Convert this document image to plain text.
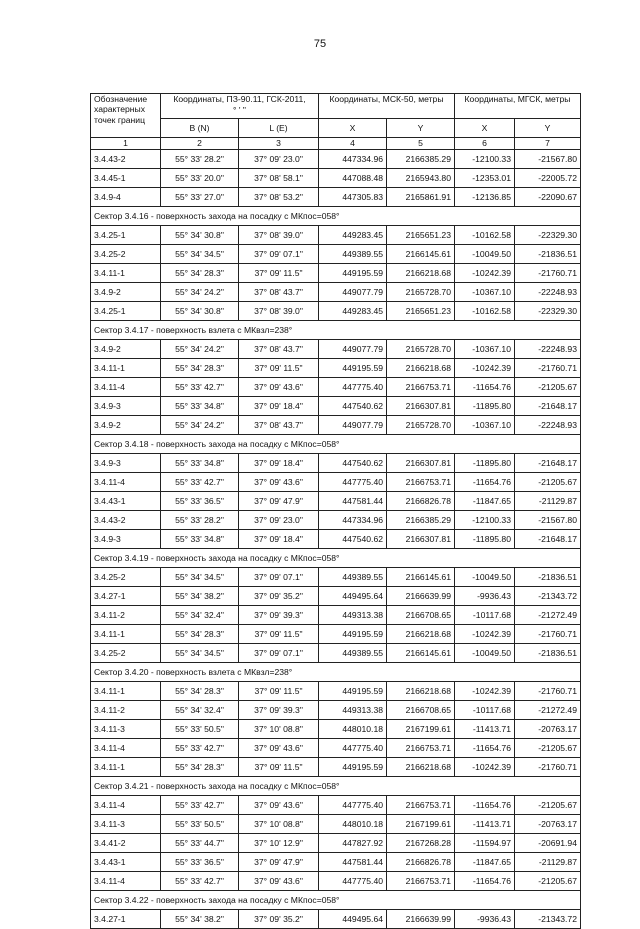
75
Обозначение характерных точек границ	Координаты, ПЗ-90.11, ГСК-2011,
° ' "		Координаты, МСК-50, метры		Координаты, МГСК, метры	
	B (N)	L (E)	X	Y	X	Y
1	2	3	4	5	6	7
3.4.43-2	55° 33' 28.2"	37° 09' 23.0"	447334.96	2166385.29	-12100.33	-21567.80
3.4.45-1	55° 33' 20.0"	37° 08' 58.1"	447088.48	2165943.80	-12353.01	-22005.72
3.4.9-4	55° 33' 27.0"	37° 08' 53.2"	447305.83	2165861.91	-12136.85	-22090.67
Сектор 3.4.16 - поверхность захода на посадку с МКпос=058°						
3.4.25-1	55° 34' 30.8"	37° 08' 39.0"	449283.45	2165651.23	-10162.58	-22329.30
3.4.25-2	55° 34' 34.5"	37° 09' 07.1"	449389.55	2166145.61	-10049.50	-21836.51
3.4.11-1	55° 34' 28.3"	37° 09' 11.5"	449195.59	2166218.68	-10242.39	-21760.71
3.4.9-2	55° 34' 24.2"	37° 08' 43.7"	449077.79	2165728.70	-10367.10	-22248.93
3.4.25-1	55° 34' 30.8"	37° 08' 39.0"	449283.45	2165651.23	-10162.58	-22329.30
Сектор 3.4.17 - поверхность взлета с МКвзл=238°						
3.4.9-2	55° 34' 24.2"	37° 08' 43.7"	449077.79	2165728.70	-10367.10	-22248.93
3.4.11-1	55° 34' 28.3"	37° 09' 11.5"	449195.59	2166218.68	-10242.39	-21760.71
3.4.11-4	55° 33' 42.7"	37° 09' 43.6"	447775.40	2166753.71	-11654.76	-21205.67
3.4.9-3	55° 33' 34.8"	37° 09' 18.4"	447540.62	2166307.81	-11895.80	-21648.17
3.4.9-2	55° 34' 24.2"	37° 08' 43.7"	449077.79	2165728.70	-10367.10	-22248.93
Сектор 3.4.18 - поверхность захода на посадку с МКпос=058°						
3.4.9-3	55° 33' 34.8"	37° 09' 18.4"	447540.62	2166307.81	-11895.80	-21648.17
3.4.11-4	55° 33' 42.7"	37° 09' 43.6"	447775.40	2166753.71	-11654.76	-21205.67
3.4.43-1	55° 33' 36.5"	37° 09' 47.9"	447581.44	2166826.78	-11847.65	-21129.87
3.4.43-2	55° 33' 28.2"	37° 09' 23.0"	447334.96	2166385.29	-12100.33	-21567.80
3.4.9-3	55° 33' 34.8"	37° 09' 18.4"	447540.62	2166307.81	-11895.80	-21648.17
Сектор 3.4.19 - поверхность захода на посадку с МКпос=058°						
3.4.25-2	55° 34' 34.5"	37° 09' 07.1"	449389.55	2166145.61	-10049.50	-21836.51
3.4.27-1	55° 34' 38.2"	37° 09' 35.2"	449495.64	2166639.99	-9936.43	-21343.72
3.4.11-2	55° 34' 32.4"	37° 09' 39.3"	449313.38	2166708.65	-10117.68	-21272.49
3.4.11-1	55° 34' 28.3"	37° 09' 11.5"	449195.59	2166218.68	-10242.39	-21760.71
3.4.25-2	55° 34' 34.5"	37° 09' 07.1"	449389.55	2166145.61	-10049.50	-21836.51
Сектор 3.4.20 - поверхность взлета с МКвзл=238°						
3.4.11-1	55° 34' 28.3"	37° 09' 11.5"	449195.59	2166218.68	-10242.39	-21760.71
3.4.11-2	55° 34' 32.4"	37° 09' 39.3"	449313.38	2166708.65	-10117.68	-21272.49
3.4.11-3	55° 33' 50.5"	37° 10' 08.8"	448010.18	2167199.61	-11413.71	-20763.17
3.4.11-4	55° 33' 42.7"	37° 09' 43.6"	447775.40	2166753.71	-11654.76	-21205.67
3.4.11-1	55° 34' 28.3"	37° 09' 11.5"	449195.59	2166218.68	-10242.39	-21760.71
Сектор 3.4.21 - поверхность захода на посадку с МКпос=058°						
3.4.11-4	55° 33' 42.7"	37° 09' 43.6"	447775.40	2166753.71	-11654.76	-21205.67
3.4.11-3	55° 33' 50.5"	37° 10' 08.8"	448010.18	2167199.61	-11413.71	-20763.17
3.4.41-2	55° 33' 44.7"	37° 10' 12.9"	447827.92	2167268.28	-11594.97	-20691.94
3.4.43-1	55° 33' 36.5"	37° 09' 47.9"	447581.44	2166826.78	-11847.65	-21129.87
3.4.11-4	55° 33' 42.7"	37° 09' 43.6"	447775.40	2166753.71	-11654.76	-21205.67
Сектор 3.4.22 - поверхность захода на посадку с МКпос=058°						
3.4.27-1	55° 34' 38.2"	37° 09' 35.2"	449495.64	2166639.99	-9936.43	-21343.72
